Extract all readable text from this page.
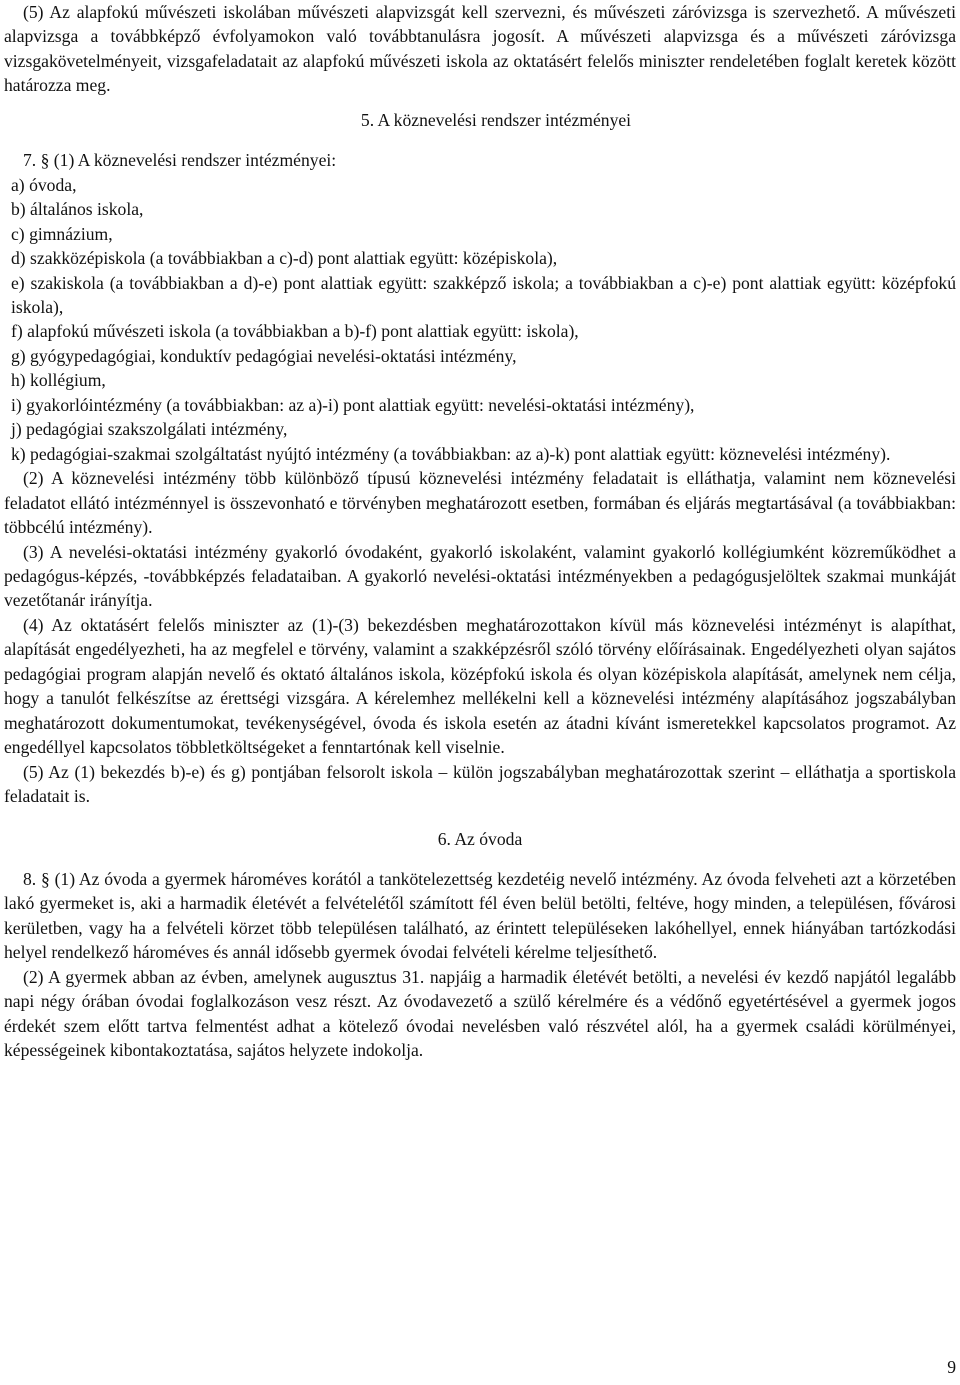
(5) Az alapfokú művészeti iskolában művészeti alapvizsgát kell szervezni, és művészeti záróvizsga is szervezhető. A művészeti alapvizsga a továbbképző évfolyamokon való továbbtanulásra jogosít. A művészeti alapvizsga és a művészeti záróvizsga vizsgakövetelményeit, vizsgafeladatait az alapfokú művészeti iskola az oktatásért felelős miniszter rendeletében foglalt keretek között határozza meg.

5. A köznevelési rendszer intézményei

7. § (1) A köznevelési rendszer intézményei:

a) óvoda,

b) általános iskola,

c) gimnázium,

d) szakközépiskola (a továbbiakban a c)-d) pont alattiak együtt: középiskola),

e) szakiskola (a továbbiakban a d)-e) pont alattiak együtt: szakképző iskola; a továbbiakban a c)-e) pont alattiak együtt: középfokú iskola),

f) alapfokú művészeti iskola (a továbbiakban a b)-f) pont alattiak együtt: iskola),

g) gyógypedagógiai, konduktív pedagógiai nevelési-oktatási intézmény,

h) kollégium,

i) gyakorlóintézmény (a továbbiakban: az a)-i) pont alattiak együtt: nevelési-oktatási intézmény),

j) pedagógiai szakszolgálati intézmény,

k) pedagógiai-szakmai szolgáltatást nyújtó intézmény (a továbbiakban: az a)-k) pont alattiak együtt: köznevelési intézmény).

(2) A köznevelési intézmény több különböző típusú köznevelési intézmény feladatait is elláthatja, valamint nem köznevelési feladatot ellátó intézménnyel is összevonható e törvényben meghatározott esetben, formában és eljárás megtartásával (a továbbiakban: többcélú intézmény).

(3) A nevelési-oktatási intézmény gyakorló óvodaként, gyakorló iskolaként, valamint gyakorló kollégiumként közreműködhet a pedagógus-képzés, -továbbképzés feladataiban. A gyakorló nevelési-oktatási intézményekben a pedagógusjelöltek szakmai munkáját vezetőtanár irányítja.

(4) Az oktatásért felelős miniszter az (1)-(3) bekezdésben meghatározottakon kívül más köznevelési intézményt is alapíthat, alapítását engedélyezheti, ha az megfelel e törvény, valamint a szakképzésről szóló törvény előírásainak. Engedélyezheti olyan sajátos pedagógiai program alapján nevelő és oktató általános iskola, középfokú iskola és olyan középiskola alapítását, amelynek nem célja, hogy a tanulót felkészítse az érettségi vizsgára. A kérelemhez mellékelni kell a köznevelési intézmény alapításához jogszabályban meghatározott dokumentumokat, tevékenységével, óvoda és iskola esetén az átadni kívánt ismeretekkel kapcsolatos programot. Az engedéllyel kapcsolatos többletköltségeket a fenntartónak kell viselnie.

(5) Az (1) bekezdés b)-e) és g) pontjában felsorolt iskola – külön jogszabályban meghatározottak szerint – elláthatja a sportiskola feladatait is.

6. Az óvoda

8. § (1) Az óvoda a gyermek hároméves korától a tankötelezettség kezdetéig nevelő intézmény. Az óvoda felveheti azt a körzetében lakó gyermeket is, aki a harmadik életévét a felvételétől számított fél éven belül betölti, feltéve, hogy minden, a településen, fővárosi kerületben, vagy ha a felvételi körzet több településen található, az érintett településeken lakóhellyel, ennek hiányában tartózkodási helyel rendelkező hároméves és annál idősebb gyermek óvodai felvételi kérelme teljesíthető.

(2) A gyermek abban az évben, amelynek augusztus 31. napjáig a harmadik életévét betölti, a nevelési év kezdő napjától legalább napi négy órában óvodai foglalkozáson vesz részt. Az óvodavezető a szülő kérelmére és a védőnő egyetértésével a gyermek jogos érdekét szem előtt tartva felmentést adhat a kötelező óvodai nevelésben való részvétel alól, ha a gyermek családi körülményei, képességeinek kibontakoztatása, sajátos helyzete indokolja.

9
